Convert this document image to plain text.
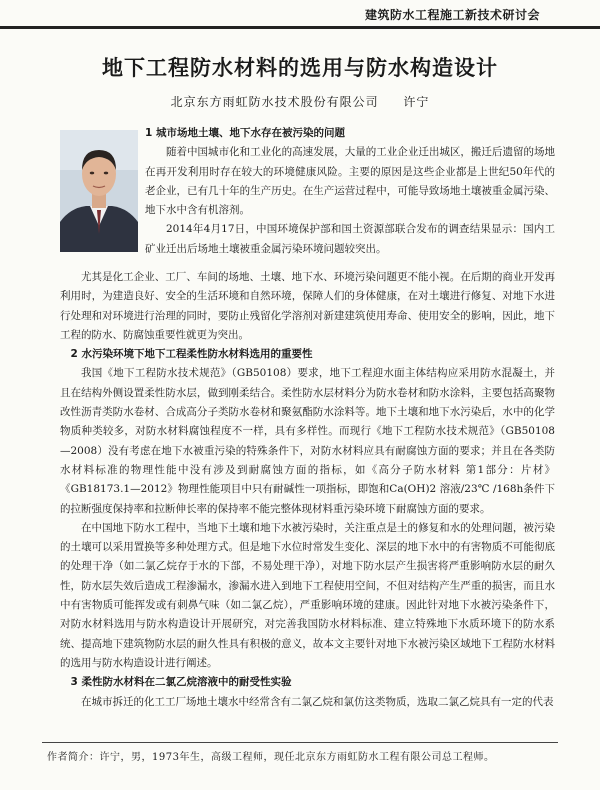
建筑防水工程施工新技术研讨会
地下工程防水材料的选用与防水构造设计
北京东方雨虹防水技术股份有限公司 许宁

1 城市场地土壤、地下水存在被污染的问题

随着中国城市化和工业化的高速发展，大量的工业企业迁出城区，搬迁后遗留的场地在再开发利用时存在较大的环境健康风险。主要的原因是这些企业都是上世纪50年代的老企业，已有几十年的生产历史。在生产运营过程中，可能导致场地土壤被重金属污染、地下水中含有机溶剂。

2014年4月17日，中国环境保护部和国土资源部联合发布的调查结果显示：国内工矿业迁出后场地土壤被重金属污染环境问题较突出。

尤其是化工企业、工厂、车间的场地、土壤、地下水、环境污染问题更不能小视。在后期的商业开发再利用时，为建造良好、安全的生活环境和自然环境，保障人们的身体健康，在对土壤进行修复、对地下水进行处理和对环境进行治理的同时，要防止残留化学溶剂对新建建筑使用寿命、使用安全的影响，因此，地下工程的防水、防腐蚀重要性就更为突出。

2 水污染环境下地下工程柔性防水材料选用的重要性

我国《地下工程防水技术规范》（GB50108）要求，地下工程迎水面主体结构应采用防水混凝土，并且在结构外侧设置柔性防水层，做到刚柔结合。柔性防水层材料分为防水卷材和防水涂料，主要包括高聚物改性沥青类防水卷材、合成高分子类防水卷材和聚氨酯防水涂料等。地下土壤和地下水污染后，水中的化学物质种类较多，对防水材料腐蚀程度不一样，具有多样性。而现行《地下工程防水技术规范》（GB50108—2008）没有考虑在地下水被重污染的特殊条件下，对防水材料应具有耐腐蚀方面的要求；并且在各类防水材料标准的物理性能中没有涉及到耐腐蚀方面的指标，如《高分子防水材料 第1部分：片材》《GB18173.1—2012》物理性能项目中只有耐碱性一项指标，即饱和Ca(OH)2 溶液/23℃ /168h条件下的拉断强度保持率和拉断伸长率的保持率不能完整体现材料重污染环境下耐腐蚀方面的要求。

在中国地下防水工程中，当地下土壤和地下水被污染时，关注重点是土的修复和水的处理问题，被污染的土壤可以采用置换等多种处理方式。但是地下水位时常发生变化、深层的地下水中的有害物质不可能彻底的处理干净（如二氯乙烷存于水的下部，不易处理干净），对地下防水层产生损害将严重影响防水层的耐久性，防水层失效后造成工程渗漏水，渗漏水进入到地下工程使用空间，不但对结构产生严重的损害，而且水中有害物质可能挥发或有刺鼻气味（如二氯乙烷），严重影响环境的建康。因此针对地下水被污染条件下，对防水材料选用与防水构造设计开展研究，对完善我国防水材料标准、建立特殊地下水质环境下的防水系统、提高地下建筑物防水层的耐久性具有积极的意义，故本文主要针对地下水被污染区域地下工程防水材料的选用与防水构造设计进行阐述。

3 柔性防水材料在二氯乙烷溶液中的耐受性实验

在城市拆迁的化工工厂场地土壤水中经常含有二氯乙烷和氯仿这类物质，选取二氯乙烷具有一定的代表

作者简介：许宁，男，1973年生，高级工程师，现任北京东方雨虹防水工程有限公司总工程师。
